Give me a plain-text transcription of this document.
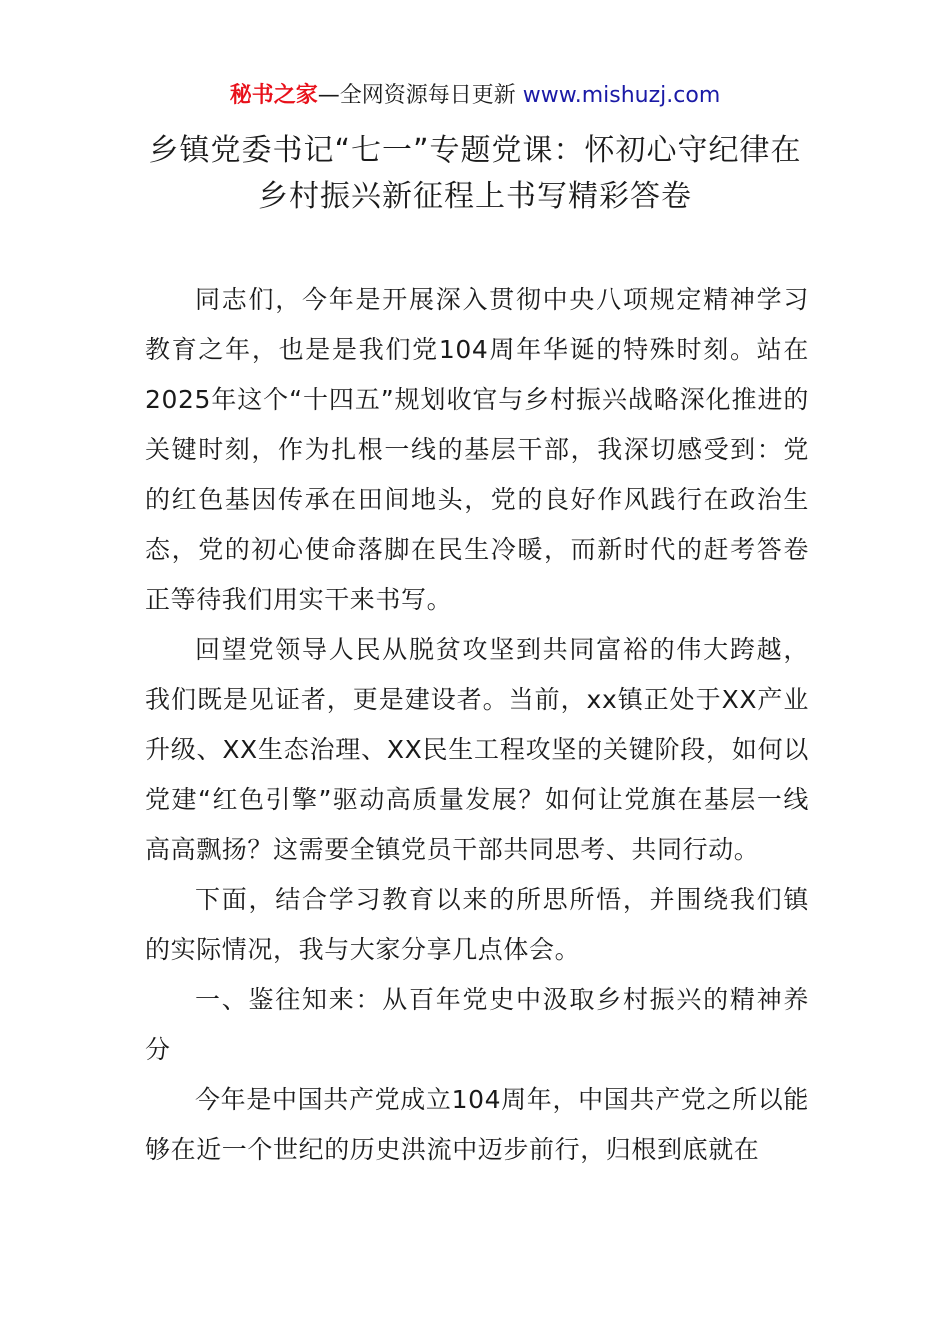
秘书之家—全网资源每日更新 www.mishuzj.com
乡镇党委书记“七一”专题党课：怀初心守纪律在乡村振兴新征程上书写精彩答卷

同志们，今年是开展深入贯彻中央八项规定精神学习教育之年，也是是我们党104周年华诞的特殊时刻。站在2025年这个“十四五”规划收官与乡村振兴战略深化推进的关键时刻，作为扎根一线的基层干部，我深切感受到：党的红色基因传承在田间地头，党的良好作风践行在政治生态，党的初心使命落脚在民生冷暖，而新时代的赶考答卷正等待我们用实干来书写。

回望党领导人民从脱贫攻坚到共同富裕的伟大跨越，我们既是见证者，更是建设者。当前，xx镇正处于XX产业升级、XX生态治理、XX民生工程攻坚的关键阶段，如何以党建“红色引擎”驱动高质量发展？如何让党旗在基层一线高高飘扬？这需要全镇党员干部共同思考、共同行动。

下面，结合学习教育以来的所思所悟，并围绕我们镇的实际情况，我与大家分享几点体会。

一、鉴往知来：从百年党史中汲取乡村振兴的精神养分

今年是中国共产党成立104周年，中国共产党之所以能够在近一个世纪的历史洪流中迈步前行，归根到底就在
